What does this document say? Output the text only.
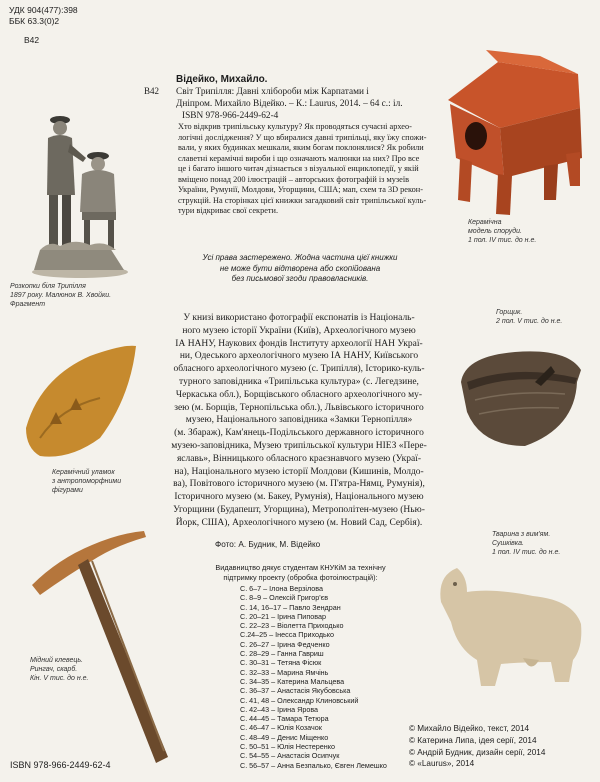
УДК 904(477):398
ББК 63.3(0)2
В42
В42
Відейко, Михайло.
Світ Трипілля: Давні хлібороби між Карпатами і
Дніпром. Михайло Відейко. – К.: Laurus, 2014. – 64 с.: іл.
ISBN 978-966-2449-62-4
Хто відкрив трипільську культуру? Як проводяться сучасні архео-
логічні дослідження? У що вбиралися давні трипільці, яку їжу спожи-
вали, у яких будинках мешкали, яким богам поклонялися? Як робили
славетні керамічні вироби і що означають малюнки на них? Про все
це і багато іншого читач дізнається з візуальної енциклопедії, у якій
вміщено понад 200 ілюстрацій – авторських фотографій із музеїв
України, Румунії, Молдови, Угорщини, США; мап, схем та 3D рекон-
струкцій. На сторінках цієї книжки загадковий світ трипільської куль-
тури відкриває свої секрети.
Усі права застережено. Жодна частина цієї книжки
не може бути відтворена або скопійована
без письмової згоди правовласників.
У книзі використано фотографії експонатів із Національ-
ного музею історії України (Київ), Археологічного музею
ІА НАНУ, Наукових фондів Інституту археології НАН Украї-
ни, Одеського археологічного музею ІА НАНУ, Київського
обласного археологічного музею (с. Трипілля), Історико-куль-
турного заповідника «Трипільська культура» (с. Легедзине,
Черкаська обл.), Борщівського обласного археологічного му-
зею (м. Борщів, Тернопільська обл.), Львівського історичного
музею, Національного заповідника «Замки Тернопілля»
(м. Збараж), Кам'янець-Подільського державного історичного
музею-заповідника, Музею трипільської культури НІЕЗ «Пере-
яславь», Вінницького обласного краєзнавчого музею (Украї-
на), Національного музею історії Молдови (Кишинів, Молдо-
ва), Повітового історичного музею (м. П'ятра-Нямц, Румунія),
Історичного музею (м. Бакеу, Румунія), Національного музею
Угорщини (Будапешт, Угорщина), Метрополітен-музею (Нью-
Йорк, США), Археологічного музею (м. Новий Сад, Сербія).
Фото: А. Будник, М. Відейко
Видавництво дякує студентам КНУКіМ за технічну
підтримку проекту (обробка фотоілюстрацій):
С. 6–7 – Ілона Верзілова
С. 8–9 – Олексій Григор'єв
С. 14, 16–17 – Павло Зендран
С. 20–21 – Ірина Пиповар
С. 22–23 – Віолетта Приходько
С.24–25 – Інесса Приходько
С. 26–27 – Ірина Федченко
С. 28–29 – Ганна Гавриш
С. 30–31 – Тетяна Фісюк
С. 32–33 – Марина Ямчінь
С. 34–35 – Катерина Мальцева
С. 36–37 – Анастасія Якубовська
С. 41, 48 – Олександр Клиновський
С. 42–43 – Ірина Ярова
С. 44–45 – Тамара Тетюра
С. 46–47 – Юлія Козачок
С. 48–49 – Денис Міщенко
С. 50–51 – Юлія Нестеренко
С. 54–55 – Анастасія Осипчук
С. 56–57 – Анна Безпалько, Євген Лемешко
Розкопки біля Трипілля
1897 року. Малюнок В. Хвойки.
Фрагмент
Керамічна
модель споруди.
1 пол. IV тис. до н.е.
Горщик.
2 пол. V тис. до н.е.
Керамічний уламок
з антропоморфними
фігурами
Тварина з вим'ям.
Сушківка.
1 пол. IV тис. до н.е.
Мідний клевець.
Рингач, скарб.
Кін. V тис. до н.е.
ISBN 978-966-2449-62-4
© Михайло Відейко, текст, 2014
© Катерина Липа, ідея серії, 2014
© Андрій Будник, дизайн серії, 2014
© «Laurus», 2014
